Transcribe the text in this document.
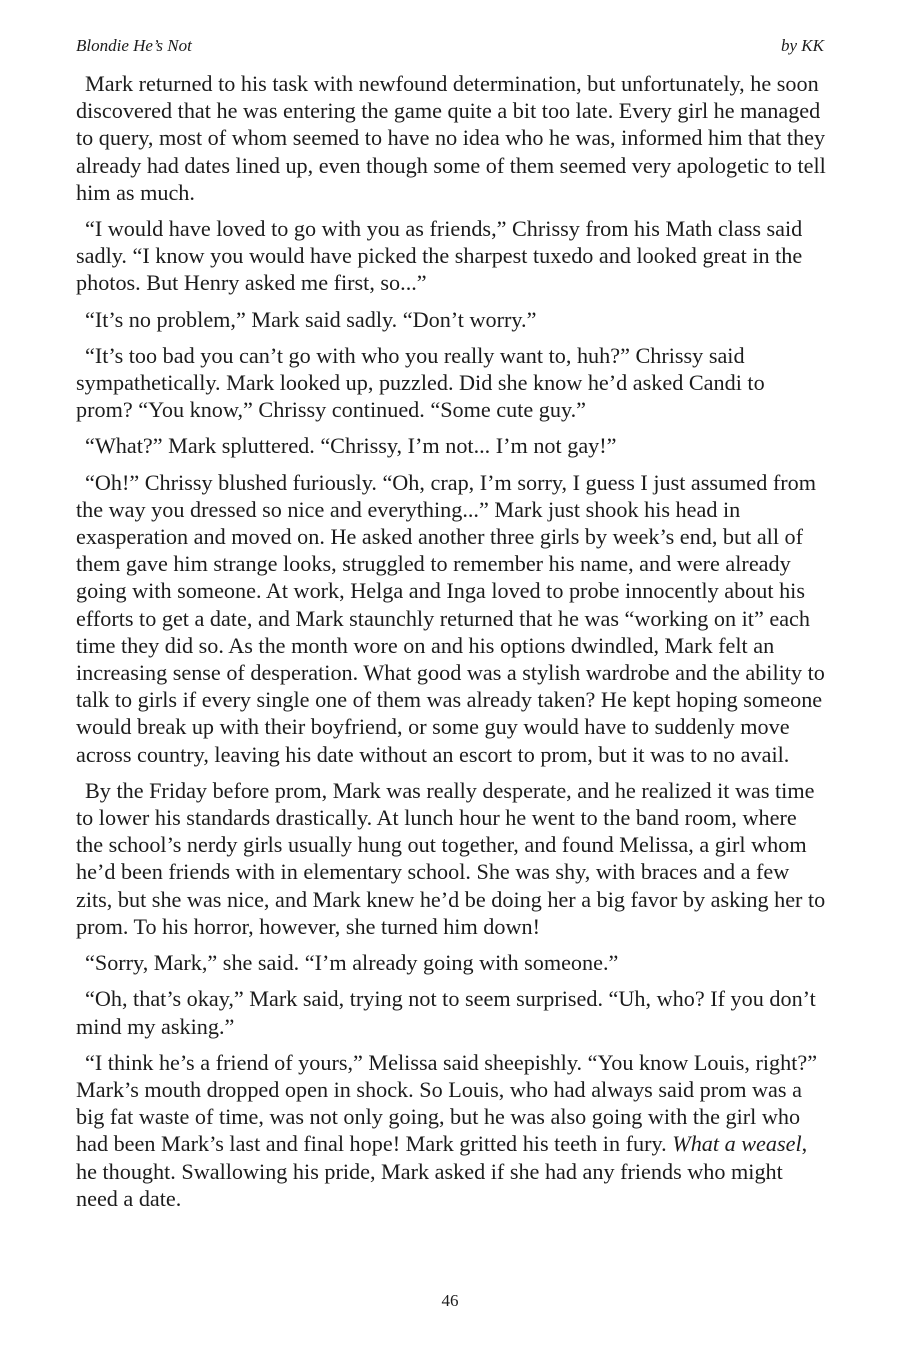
Blondie He’s Not	by KK

Mark returned to his task with newfound determination, but unfortunately, he soon discovered that he was entering the game quite a bit too late. Every girl he managed to query, most of whom seemed to have no idea who he was, informed him that they already had dates lined up, even though some of them seemed very apologetic to tell him as much.

“I would have loved to go with you as friends,” Chrissy from his Math class said sadly. “I know you would have picked the sharpest tuxedo and looked great in the photos. But Henry asked me first, so...”

“It’s no problem,” Mark said sadly. “Don’t worry.”

“It’s too bad you can’t go with who you really want to, huh?” Chrissy said sympathetically. Mark looked up, puzzled. Did she know he’d asked Candi to prom? “You know,” Chrissy continued. “Some cute guy.”

“What?” Mark spluttered. “Chrissy, I’m not... I’m not gay!”

“Oh!” Chrissy blushed furiously. “Oh, crap, I’m sorry, I guess I just assumed from the way you dressed so nice and everything...” Mark just shook his head in exasperation and moved on. He asked another three girls by week’s end, but all of them gave him strange looks, struggled to remember his name, and were already going with someone. At work, Helga and Inga loved to probe innocently about his efforts to get a date, and Mark staunchly returned that he was “working on it” each time they did so. As the month wore on and his options dwindled, Mark felt an increasing sense of desperation. What good was a stylish wardrobe and the ability to talk to girls if every single one of them was already taken? He kept hoping someone would break up with their boyfriend, or some guy would have to suddenly move across country, leaving his date without an escort to prom, but it was to no avail.

By the Friday before prom, Mark was really desperate, and he realized it was time to lower his standards drastically. At lunch hour he went to the band room, where the school’s nerdy girls usually hung out together, and found Melissa, a girl whom he’d been friends with in elementary school. She was shy, with braces and a few zits, but she was nice, and Mark knew he’d be doing her a big favor by asking her to prom. To his horror, however, she turned him down!

“Sorry, Mark,” she said. “I’m already going with someone.”

“Oh, that’s okay,” Mark said, trying not to seem surprised. “Uh, who? If you don’t mind my asking.”

“I think he’s a friend of yours,” Melissa said sheepishly. “You know Louis, right?” Mark’s mouth dropped open in shock. So Louis, who had always said prom was a big fat waste of time, was not only going, but he was also going with the girl who had been Mark’s last and final hope! Mark gritted his teeth in fury. What a weasel, he thought. Swallowing his pride, Mark asked if she had any friends who might need a date.

46
